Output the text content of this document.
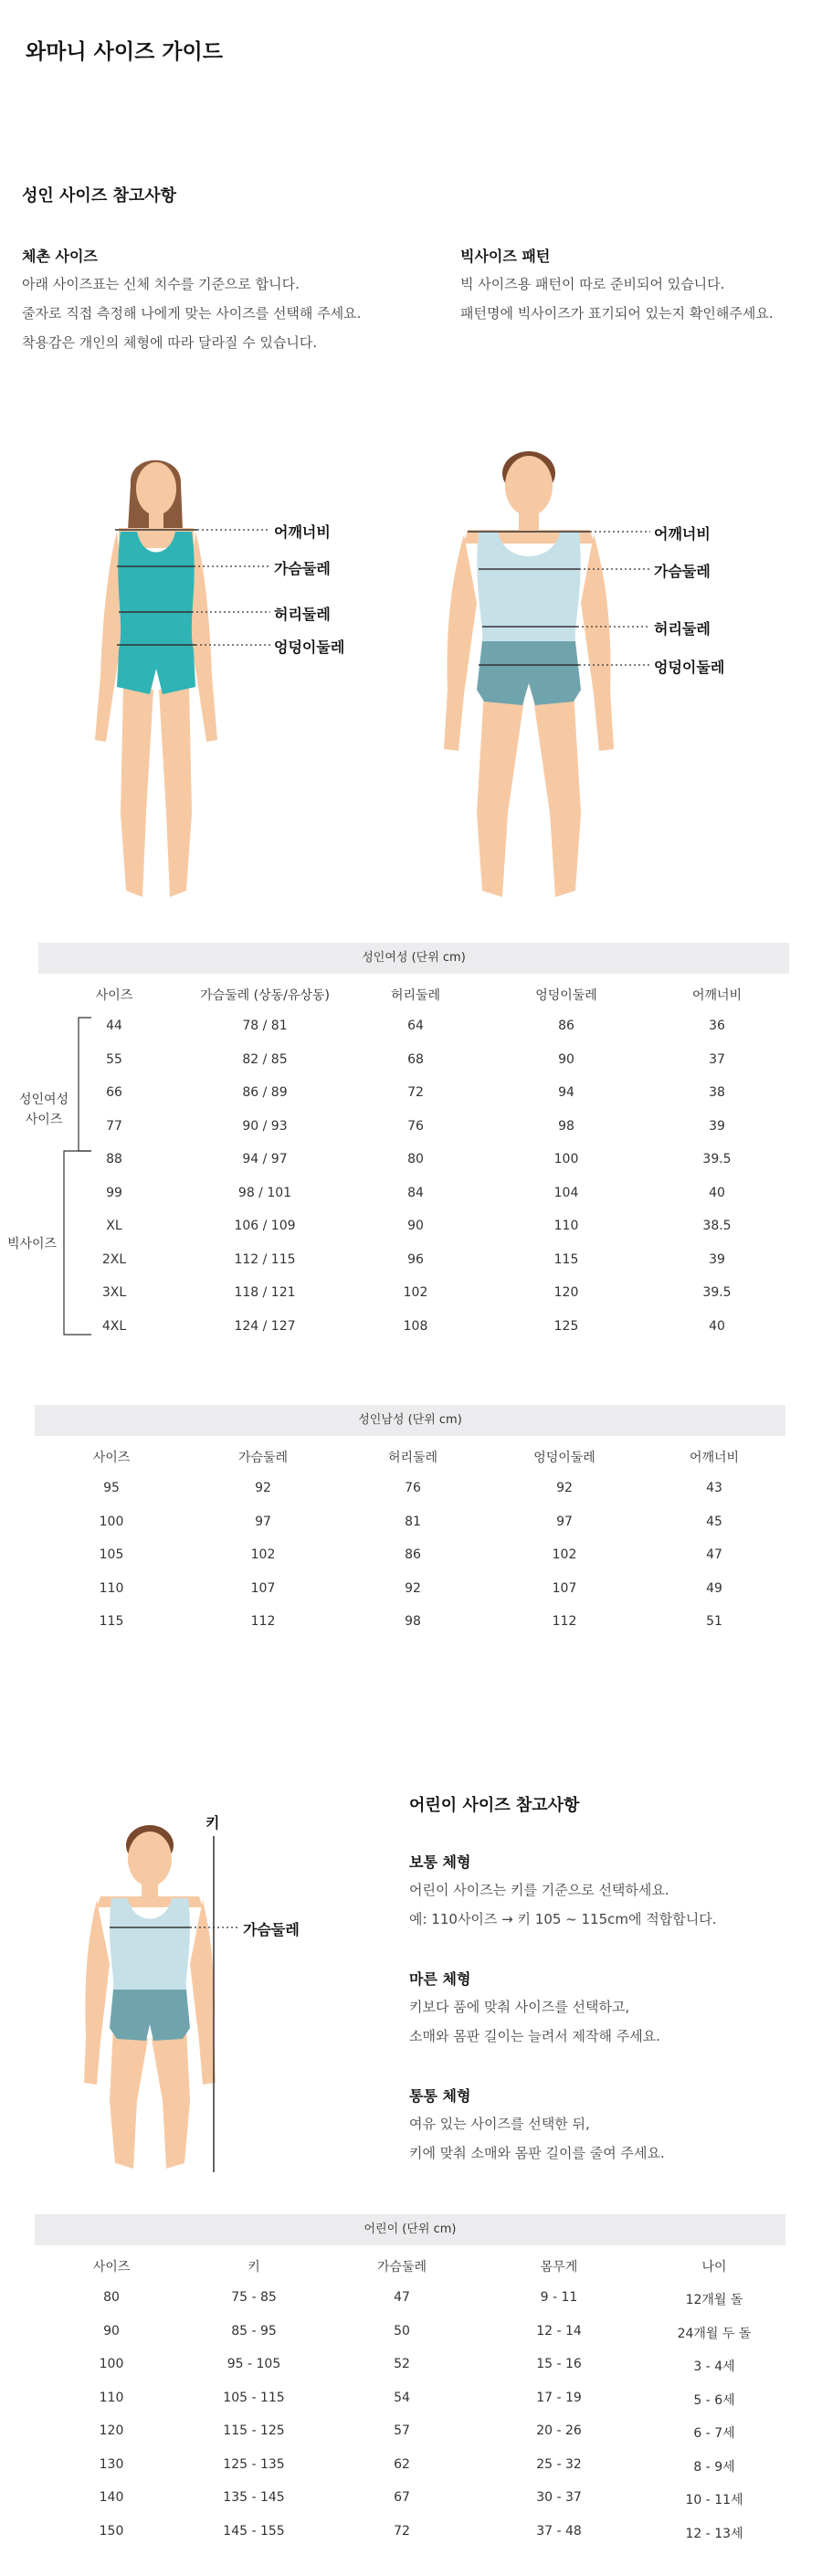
와마니 사이즈 가이드
성인 사이즈 참고사항
체촌 사이즈
아래 사이즈표는 신체 치수를 기준으로 합니다.
줄자로 직접 측정해 나에게 맞는 사이즈를 선택해 주세요.
착용감은 개인의 체형에 따라 달라질 수 있습니다.
빅사이즈 패턴
빅 사이즈용 패턴이 따로 준비되어 있습니다.
패턴명에 빅사이즈가 표기되어 있는지 확인해주세요.
어깨너비
가슴둘레
허리둘레
엉덩이둘레
어깨너비
가슴둘레
허리둘레
엉덩이둘레
성인여성 (단위 cm)
사이즈	가슴둘레 (상동/유상동)	허리둘레	엉덩이둘레	어깨너비
44	78 / 81	64	86	36
55	82 / 85	68	90	37
66	86 / 89	72	94	38
77	90 / 93	76	98	39
88	94 / 97	80	100	39.5
99	98 / 101	84	104	40
XL	106 / 109	90	110	38.5
2XL	112 / 115	96	115	39
3XL	118 / 121	102	120	39.5
4XL	124 / 127	108	125	40
성인여성
사이즈
빅사이즈
성인남성 (단위 cm)
사이즈	가슴둘레	허리둘레	엉덩이둘레	어깨너비
95	92	76	92	43
100	97	81	97	45
105	102	86	102	47
110	107	92	107	49
115	112	98	112	51
키
가슴둘레
어린이 사이즈 참고사항
보통 체형
어린이 사이즈는 키를 기준으로 선택하세요.
예: 110사이즈 → 키 105 ~ 115cm에 적합합니다.
마른 체형
키보다 품에 맞춰 사이즈를 선택하고,
소매와 몸판 길이는 늘려서 제작해 주세요.
통통 체형
여유 있는 사이즈를 선택한 뒤,
키에 맞춰 소매와 몸판 길이를 줄여 주세요.
어린이 (단위 cm)
사이즈	키	가슴둘레	몸무게	나이
80	75 - 85	47	9 - 11	12개월 돌
90	85 - 95	50	12 - 14	24개월 두 돌
100	95 - 105	52	15 - 16	3 - 4세
110	105 - 115	54	17 - 19	5 - 6세
120	115 - 125	57	20 - 26	6 - 7세
130	125 - 135	62	25 - 32	8 - 9세
140	135 - 145	67	30 - 37	10 - 11세
150	145 - 155	72	37 - 48	12 - 13세
